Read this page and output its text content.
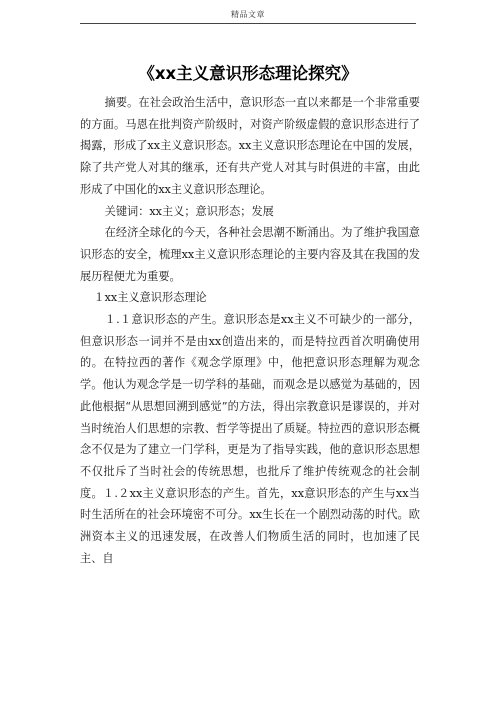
精品文章
《xx主义意识形态理论探究》

摘要。在社会政治生活中，意识形态一直以来都是一个非常重要的方面。马恩在批判资产阶级时，对资产阶级虚假的意识形态进行了揭露，形成了xx主义意识形态。xx主义意识形态理论在中国的发展，除了共产党人对其的继承，还有共产党人对其与时俱进的丰富，由此形成了中国化的xx主义意识形态理论。

关键词：xx主义；意识形态；发展

在经济全球化的今天，各种社会思潮不断涌出。为了维护我国意识形态的安全，梳理xx主义意识形态理论的主要内容及其在我国的发展历程便尤为重要。

１xx主义意识形态理论

１.１意识形态的产生。意识形态是xx主义不可缺少的一部分，但意识形态一词并不是由xx创造出来的，而是特拉西首次明确使用的。在特拉西的著作《观念学原理》中，他把意识形态理解为观念学。他认为观念学是一切学科的基础，而观念是以感觉为基础的，因此他根据“从思想回溯到感觉”的方法，得出宗教意识是谬误的，并对当时统治人们思想的宗教、哲学等提出了质疑。特拉西的意识形态概念不仅是为了建立一门学科，更是为了指导实践，他的意识形态思想不仅批斥了当时社会的传统思想，也批斥了维护传统观念的社会制度。１.２xx主义意识形态的产生。首先，xx意识形态的产生与xx当时生活所在的社会环境密不可分。xx生长在一个剧烈动荡的时代。欧洲资本主义的迅速发展，在改善人们物质生活的同时，也加速了民主、自
